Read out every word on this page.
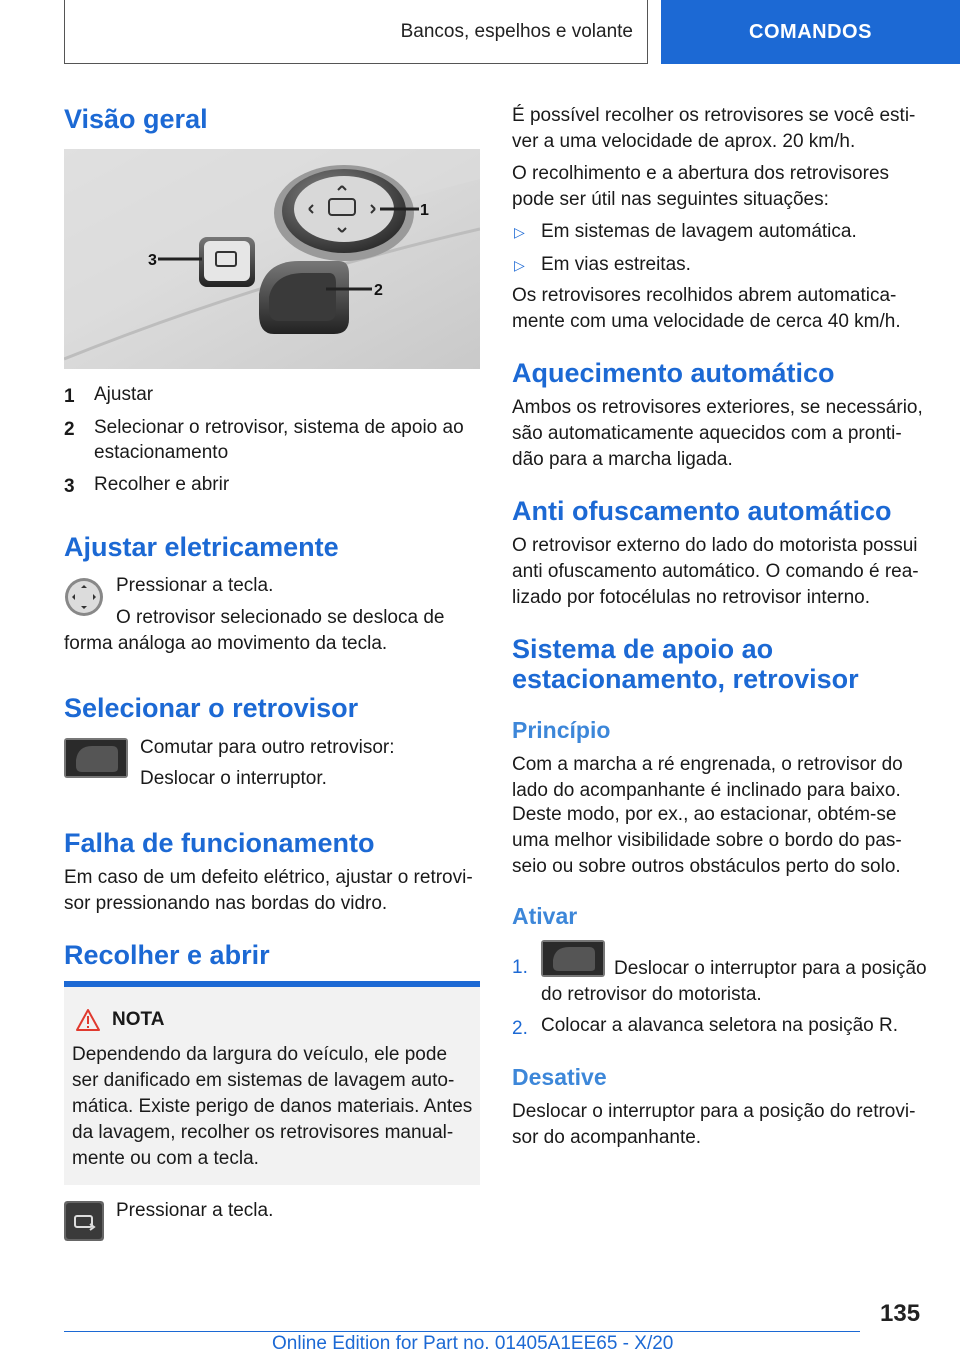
Bancos, espelhos e volante	COMANDOS
Visão geral
1
3
2
1 Ajustar

2 Selecionar o retrovisor, sistema de apoio ao

estacionamento

3 Recolher e abrir

Ajustar eletricamente

Pressionar a tecla.

O retrovisor selecionado se desloca de

forma análoga ao movimento da tecla.

Selecionar o retrovisor

Comutar para outro retrovisor:

Deslocar o interruptor.

Falha de funcionamento

Em caso de um defeito elétrico, ajustar o retrovi-

sor pressionando nas bordas do vidro.

Recolher e abrir
NOTA

Dependendo da largura do veículo, ele pode

ser danificado em sistemas de lavagem auto-

mática. Existe perigo de danos materiais. Antes

da lavagem, recolher os retrovisores manual-

mente ou com a tecla.

Pressionar a tecla.

É possível recolher os retrovisores se você esti-

ver a uma velocidade de aprox. 20 km/h.

O recolhimento e a abertura dos retrovisores

pode ser útil nas seguintes situações:

▷ Em sistemas de lavagem automática.

▷ Em vias estreitas.

Os retrovisores recolhidos abrem automatica-

mente com uma velocidade de cerca 40 km/h.

Aquecimento automático

Ambos os retrovisores exteriores, se necessário,

são automaticamente aquecidos com a pronti-

dão para a marcha ligada.

Anti ofuscamento automático

O retrovisor externo do lado do motorista possui

anti ofuscamento automático. O comando é rea-

lizado por fotocélulas no retrovisor interno.

Sistema de apoio ao
estacionamento, retrovisor
Princípio

Com a marcha a ré engrenada, o retrovisor do

lado do acompanhante é inclinado para baixo.

Deste modo, por ex., ao estacionar, obtém-se

uma melhor visibilidade sobre o bordo do pas-

seio ou sobre outros obstáculos perto do solo.

Ativar
1.	Deslocar o interruptor para a posição

do retrovisor do motorista.

2. Colocar a alavanca seletora na posição R.

Desative

Deslocar o interruptor para a posição do retrovi-

sor do acompanhante.

135
Online Edition for Part no. 01405A1EE65 - X/20
